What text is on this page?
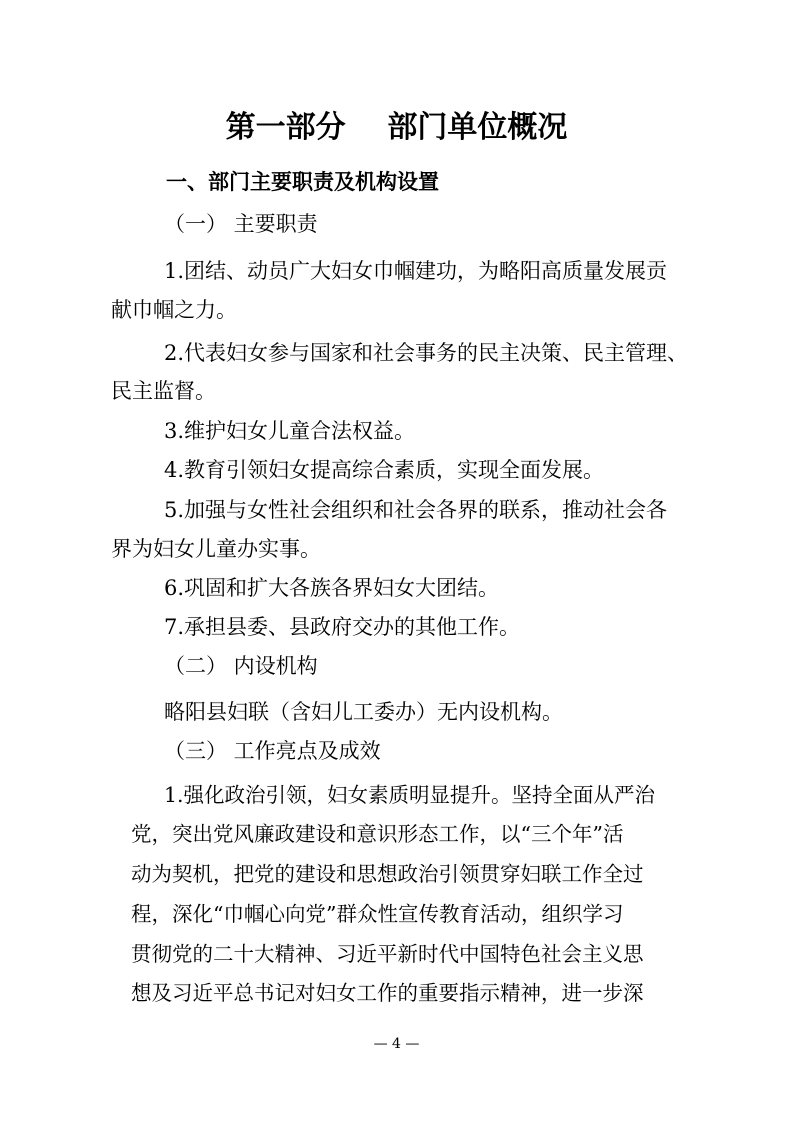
第一部分    部门单位概况
一、部门主要职责及机构设置
（一） 主要职责
1.团结、动员广大妇女巾帼建功，为略阳高质量发展贡
献巾帼之力。
2.代表妇女参与国家和社会事务的民主决策、民主管理、
民主监督。
3.维护妇女儿童合法权益。
4.教育引领妇女提高综合素质，实现全面发展。
5.加强与女性社会组织和社会各界的联系，推动社会各
界为妇女儿童办实事。
6.巩固和扩大各族各界妇女大团结。
7.承担县委、县政府交办的其他工作。
（二） 内设机构
略阳县妇联（含妇儿工委办）无内设机构。
（三） 工作亮点及成效
1.强化政治引领，妇女素质明显提升。坚持全面从严治
党，突出党风廉政建设和意识形态工作，以“三个年”活
动为契机，把党的建设和思想政治引领贯穿妇联工作全过
程，深化“巾帼心向党”群众性宣传教育活动，组织学习
贯彻党的二十大精神、习近平新时代中国特色社会主义思
想及习近平总书记对妇女工作的重要指示精神，进一步深
— 4 —
